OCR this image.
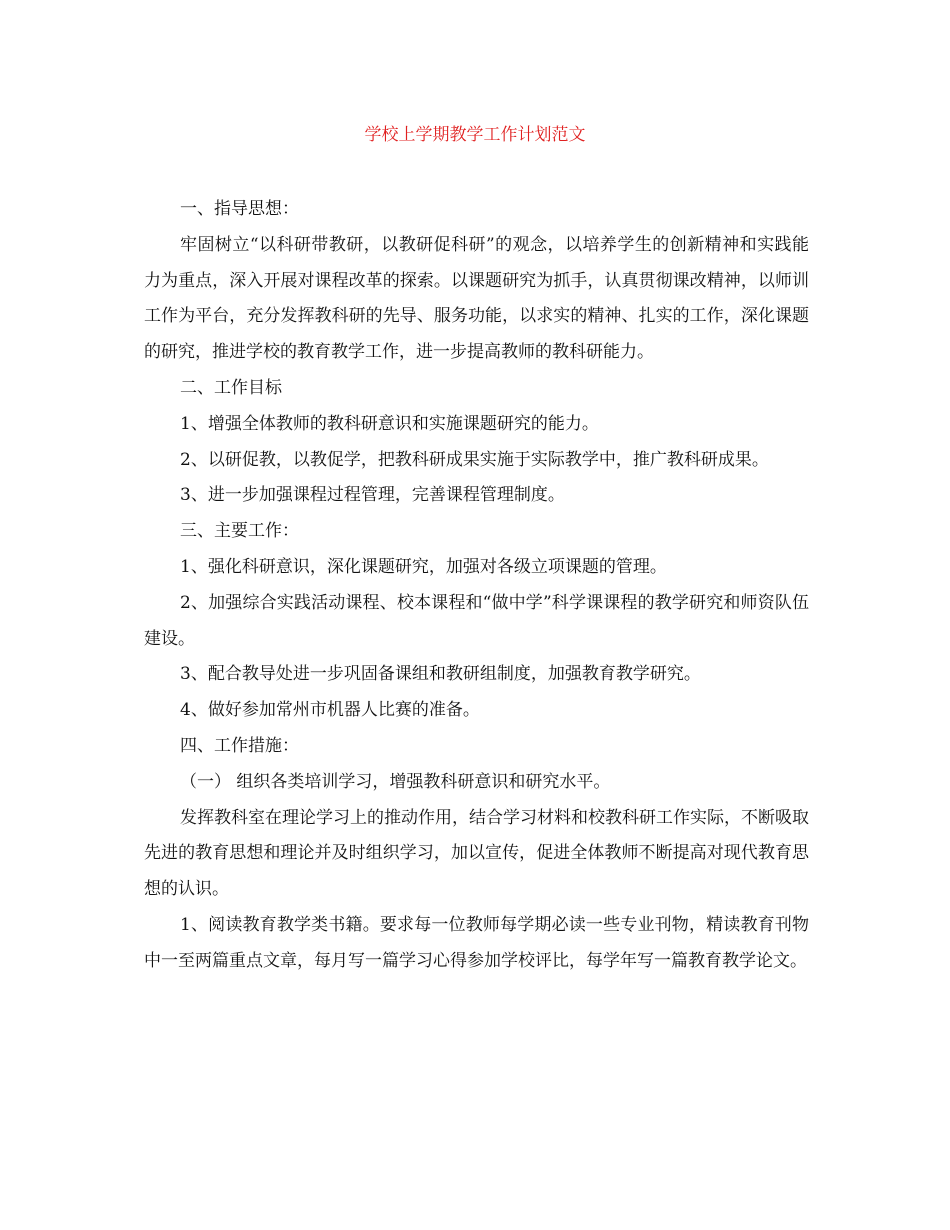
学校上学期教学工作计划范文

一、指导思想：

牢固树立“以科研带教研，以教研促科研”的观念，以培养学生的创新精神和实践能力为重点，深入开展对课程改革的探索。以课题研究为抓手，认真贯彻课改精神，以师训工作为平台，充分发挥教科研的先导、服务功能，以求实的精神、扎实的工作，深化课题的研究，推进学校的教育教学工作，进一步提高教师的教科研能力。

二、工作目标

1、增强全体教师的教科研意识和实施课题研究的能力。

2、以研促教，以教促学，把教科研成果实施于实际教学中，推广教科研成果。

3、进一步加强课程过程管理，完善课程管理制度。

三、主要工作：

1、强化科研意识，深化课题研究，加强对各级立项课题的管理。

2、加强综合实践活动课程、校本课程和“做中学”科学课课程的教学研究和师资队伍建设。

3、配合教导处进一步巩固备课组和教研组制度，加强教育教学研究。

4、做好参加常州市机器人比赛的准备。

四、工作措施：

（一） 组织各类培训学习，增强教科研意识和研究水平。

发挥教科室在理论学习上的推动作用，结合学习材料和校教科研工作实际，不断吸取先进的教育思想和理论并及时组织学习，加以宣传，促进全体教师不断提高对现代教育思想的认识。

1、阅读教育教学类书籍。要求每一位教师每学期必读一些专业刊物，精读教育刊物中一至两篇重点文章，每月写一篇学习心得参加学校评比，每学年写一篇教育教学论文。
